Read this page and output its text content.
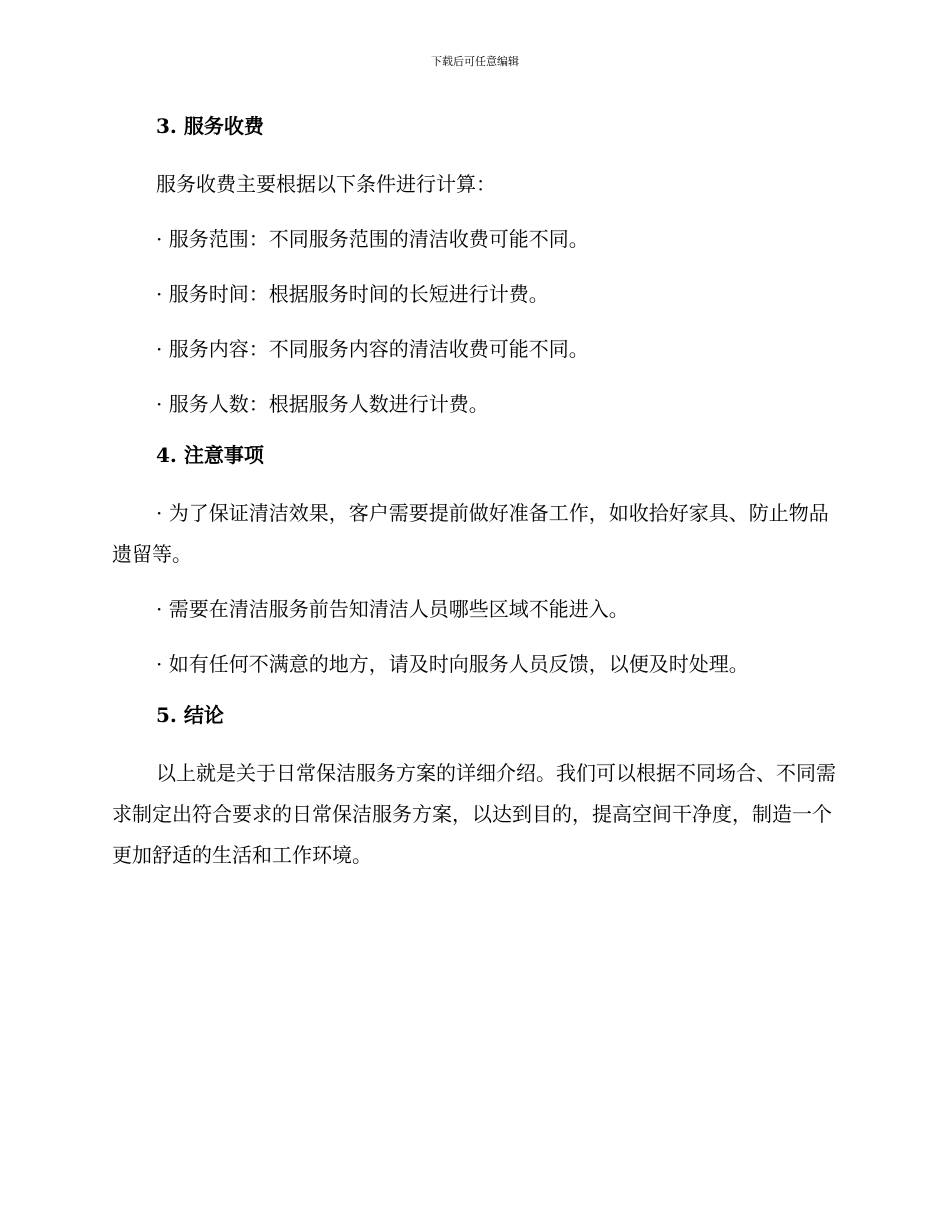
下载后可任意编辑
3. 服务收费
服务收费主要根据以下条件进行计算：
· 服务范围：不同服务范围的清洁收费可能不同。
· 服务时间：根据服务时间的长短进行计费。
· 服务内容：不同服务内容的清洁收费可能不同。
· 服务人数：根据服务人数进行计费。
4. 注意事项
· 为了保证清洁效果，客户需要提前做好准备工作，如收拾好家具、防止物品遗留等。
· 需要在清洁服务前告知清洁人员哪些区域不能进入。
· 如有任何不满意的地方，请及时向服务人员反馈，以便及时处理。
5. 结论
以上就是关于日常保洁服务方案的详细介绍。我们可以根据不同场合、不同需求制定出符合要求的日常保洁服务方案，以达到目的，提高空间干净度，制造一个更加舒适的生活和工作环境。
